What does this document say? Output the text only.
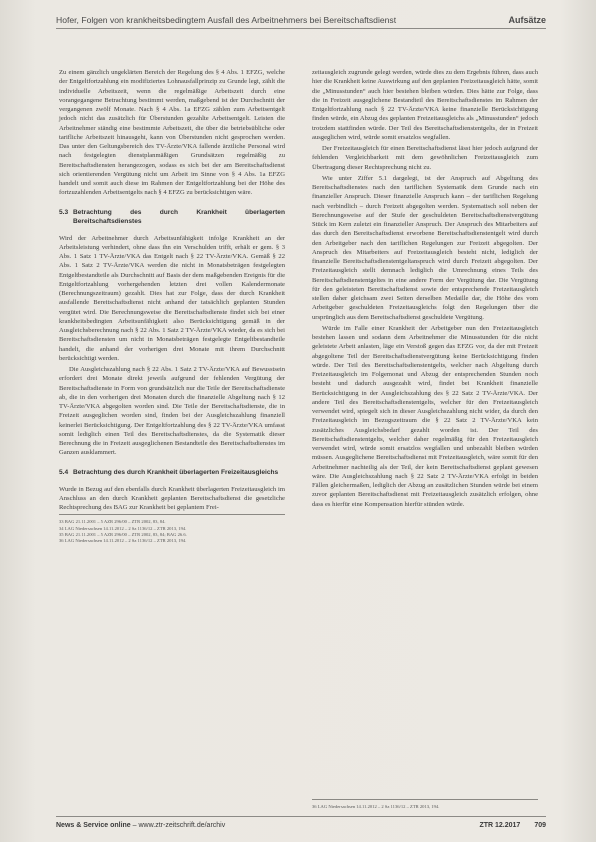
Hofer, Folgen von krankheitsbedingtem Ausfall des Arbeitnehmers bei Bereitschaftsdienst	Aufsätze

Zu einem gänzlich ungeklärten Bereich der Regelung des § 4 Abs. 1 EFZG, welche der Entgeltfortzahlung ein modifiziertes Lohnausfallprinzip zu Grunde legt, zählt die individuelle Arbeitszeit, wenn die regelmäßige Arbeitszeit durch eine vorangegangene Betrachtung bestimmt werden, maßgebend ist der Durchschnitt der vergangenen zwölf Monate. Nach § 4 Abs. 1a EFZG zählen zum Arbeitsentgelt jedoch nicht das zusätzlich für Überstunden gezahlte Arbeitsentgelt. Leisten die Arbeitnehmer ständig eine bestimmte Arbeitszeit, die über die betriebsübliche oder tarifliche Arbeitszeit hinausgeht, kann von Überstunden nicht gesprochen werden. Das unter den Geltungsbereich des TV-Ärzte/VKA fallende ärztliche Personal wird nach festgelegten dienstplanmäßigen Grundsätzen regelmäßig zu Bereitschaftsdiensten herangezogen, sodass es sich bei der am Bereitschaftsdienst sich orientierenden Vergütung nicht um Arbeit im Sinne von § 4 Abs. 1a EFZG handelt und somit auch diese im Rahmen der Entgeltfortzahlung bei der Höhe des fortzuzahlenden Arbeitsentgelts nach § 4 EFZG zu berücksichtigen wäre.

5.3 Betrachtung des durch Krankheit überlagerten Bereitschaftsdienstes

Wird der Arbeitnehmer durch Arbeitsunfähigkeit infolge Krankheit an der Arbeitsleistung verhindert, ohne dass ihn ein Verschulden trifft, erhält er gem. § 3 Abs. 1 Satz 1 TV-Ärzte/VKA das Entgelt nach § 22 TV-Ärzte/VKA. Gemäß § 22 Abs. 1 Satz 2 TV-Ärzte/VKA werden die nicht in Monatsbeträgen festgelegten Entgeltbestandteile als Durchschnitt auf Basis der dem maßgebenden Ereignis für die Entgeltfortzahlung vorhergehenden letzten drei vollen Kalendermonate (Berechnungszeitraum) gezahlt. Dies hat zur Folge, dass der durch Krankheit ausfallende Bereitschaftsdienst nicht anhand der tatsächlich geplanten Stunden vergütet wird. Die Berechnungsweise die Bereitschaftsdienste findet sich bei einer krankheitsbedingten Arbeitsunfähigkeit also Berücksichtigung gemäß in der Ausgleichsberechnung nach § 22 Abs. 1 Satz 2 TV-Ärzte/VKA wieder, da es sich bei Bereitschaftsdiensten um nicht in Monatsbeträgen festgelegte Entgeltbestandteile handelt, die anhand der vorherigen drei Monate mit ihrem Durchschnitt berücksichtigt werden.

Die Ausgleichszahlung nach § 22 Abs. 1 Satz 2 TV-Ärzte/VKA auf Bewusstsein erfordert drei Monate direkt jeweils aufgrund der fehlenden Vergütung der Bereitschaftsdienste in Form von grundsätzlich nur die Teile der Bereitschaftsdienste ab, die in den vorherigen drei Monaten durch die finanzielle Abgeltung nach § 12 TV-Ärzte/VKA abgegolten worden sind. Die Teile der Bereitschaftsdienste, die in Freizeit ausgeglichen worden sind, finden bei der Ausgleichszahlung finanziell keinerlei Berücksichtigung. Der Entgeltfortzahlung des § 22 TV-Ärzte/VKA umfasst somit lediglich einen Teil des Bereitschaftsdienstes, da die Systematik dieser Berechnung die in Freizeit ausgeglichenen Bestandteile des Bereitschaftsdienstes im Ganzen ausklammert.

5.4 Betrachtung des durch Krankheit überlagerten Freizeitausgleichs

Wurde in Bezug auf den ebenfalls durch Krankheit überlagerten Freizeitausgleich im Anschluss an den durch Krankheit geplanten Bereitschaftsdienst die gesetzliche Rechtsprechung des BAG zur Krankheit bei geplantem Frei-

33 BAG 21.11.2001 – 5 AZR 296/00 – ZTR 2002, 83, 84.
34 LAG Niedersachsen 14.11.2012 – 2 Sa 1136/12 – ZTR 2013, 194.
35 BAG 21.11.2001 – 5 AZR 296/00 – ZTR 2002, 83, 84; BAG 26.6.
36 LAG Niedersachsen 14.11.2012 – 2 Sa 1136/12 – ZTR 2013, 194.

zeitausgleich zugrunde gelegt werden, würde dies zu dem Ergebnis führen, dass auch hier die Krankheit keine Auswirkung auf den geplanten Freizeitausgleich hätte, somit die „Minusstunden“ auch hier bestehen bleiben würden. Dies hätte zur Folge, dass die in Freizeit ausgeglichene Bestandteil des Bereitschaftsdienstes im Rahmen der Entgeltfortzahlung nach § 22 TV-Ärzte/VKA keine finanzielle Berücksichtigung finden würde, ein Abzug des geplanten Freizeitausgleichs als „Minusstunden“ jedoch trotzdem stattfinden würde. Der Teil des Bereitschaftsdienstentgelts, der in Freizeit ausgeglichen wird, würde somit ersatzlos wegfallen.

Der Freizeitausgleich für einen Bereitschaftsdienst lässt hier jedoch aufgrund der fehlenden Vergleichbarkeit mit dem gewöhnlichen Freizeitausgleich zum Übertragung dieser Rechtsprechung nicht zu.

Wie unter Ziffer 5.1 dargelegt, ist der Anspruch auf Abgeltung des Bereitschaftsdienstes nach den tariflichen Systematik dem Grunde nach ein finanzieller Anspruch. Dieser finanzielle Anspruch kann – der tariflichen Regelung nach verbindlich – durch Freizeit abgegolten werden. Systematisch soll neben der Berechnungsweise auf der Stufe der geschuldeten Bereitschaftsdienstvergütung Stück im Kern zuletzt ein finanzieller Anspruch. Der Anspruch des Mitarbeiters auf das durch den Bereitschaftsdienst erworbene Bereitschaftsdienstentgelt wird durch den Arbeitgeber nach den tariflichen Regelungen zur Freizeit abgegolten. Der Anspruch des Mitarbeiters auf Freizeitausgleich besteht nicht, lediglich der finanzielle Bereitschaftsdienstentgeltanspruch wird durch Freizeit abgegolten. Der Freizeitausgleich stellt demnach lediglich die Umrechnung eines Teils des Bereitschaftsdienstentgeltes in eine andere Form der Vergütung dar. Die Vergütung für den geleisteten Bereitschaftsdienst sowie der entsprechende Freizeitausgleich stellen daher gleichsam zwei Seiten derselben Medaille dar, die Höhe des vom Arbeitgeber geschuldeten Freizeitausgleichs folgt den Regelungen über die ursprünglich aus dem Bereitschaftsdienst geschuldete Vergütung.

Würde im Falle einer Krankheit der Arbeitgeber nun den Freizeitausgleich bestehen lassen und sodann dem Arbeitnehmer die Minusstunden für die nicht geleistete Arbeit anlasten, läge ein Verstoß gegen das EFZG vor, da der mit Freizeit abgegoltene Teil der Bereitschaftsdienstvergütung keine Berücksichtigung finden würde. Der Teil des Bereitschaftsdienstentgelts, welcher nach Abgeltung durch Freizeitausgleich im Folgemonat und Abzug der entsprechenden Stunden noch besteht und dadurch ausgezahlt wird, findet bei Krankheit finanzielle Berücksichtigung in der Ausgleichszahlung des § 22 Satz 2 TV-Ärzte/VKA. Der andere Teil des Bereitschaftsdienstentgelts, welcher für den Freizeitausgleich verwendet wird, spiegelt sich in dieser Ausgleichszahlung nicht wider, da durch den Freizeitausgleich im Bezugszeitraum die § 22 Satz 2 TV-Ärzte/VKA kein zusätzliches Ausgleichsbedarf gezahlt worden ist. Der Teil des Bereitschaftsdienstentgelts, welcher daher regelmäßig für den Freizeitausgleich verwendet wird, würde somit ersatzlos wegfallen und unbezahlt bleiben würden müssen. Ausgeglichene Bereitschaftsdienst mit Freizeitausgleich, wäre somit für den Arbeitnehmer nachteilig als der Teil, der kein Bereitschaftsdienst geplant gewesen wäre. Die Ausgleichszahlung nach § 22 Satz 2 TV-Ärzte/VKA erfolgt in beiden Fällen gleichermaßen, lediglich der Abzug an zusätzlichen Stunden würde bei einem zuvor geplanten Bereitschaftsdienst mit Freizeitausgleich zusätzlich erfolgen, ohne dass es hierfür eine Kompensation hierfür stünden würde.

36 LAG Niedersachsen 14.11.2012 – 2 Sa 1136/12 – ZTR 2013, 194.
News & Service online – www.ztr-zeitschrift.de/archiv	ZTR 12.2017 709
